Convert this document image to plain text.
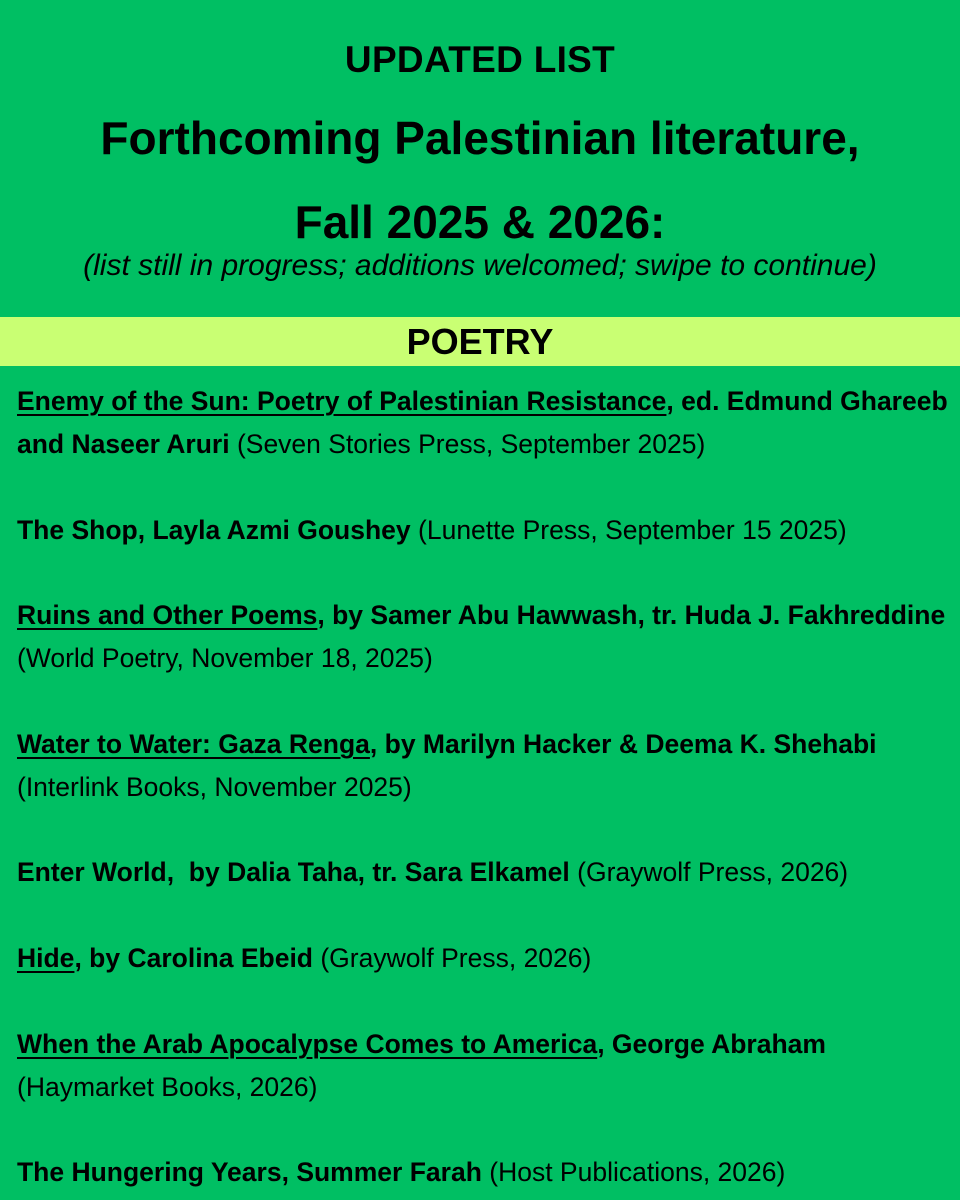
UPDATED LIST
Forthcoming Palestinian literature,
Fall 2025 & 2026:
(list still in progress; additions welcomed; swipe to continue)
POETRY
Enemy of the Sun: Poetry of Palestinian Resistance, ed. Edmund Ghareeb and Naseer Aruri (Seven Stories Press, September 2025)
The Shop, Layla Azmi Goushey (Lunette Press, September 15 2025)
Ruins and Other Poems, by Samer Abu Hawwash, tr. Huda J. Fakhreddine (World Poetry, November 18, 2025)
Water to Water: Gaza Renga, by Marilyn Hacker & Deema K. Shehabi (Interlink Books, November 2025)
Enter World,  by Dalia Taha, tr. Sara Elkamel (Graywolf Press, 2026)
Hide, by Carolina Ebeid (Graywolf Press, 2026)
When the Arab Apocalypse Comes to America, George Abraham (Haymarket Books, 2026)
The Hungering Years, Summer Farah (Host Publications, 2026)
